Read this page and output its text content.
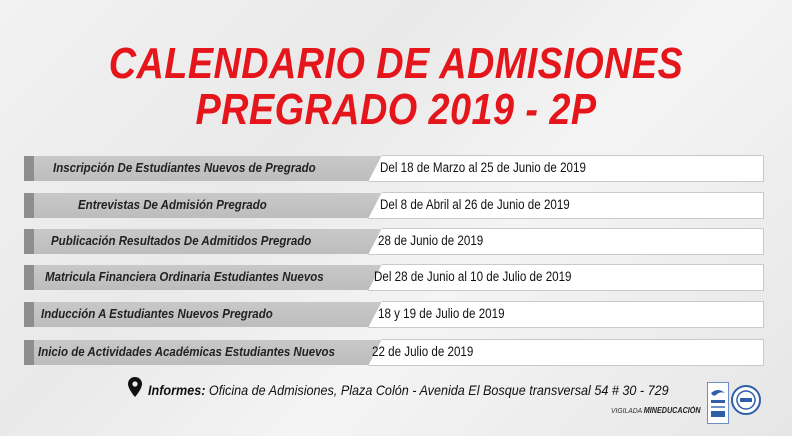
CALENDARIO DE ADMISIONES
PREGRADO 2019 - 2P
Inscripción De Estudiantes Nuevos de Pregrado	Del 18 de Marzo al 25 de Junio de 2019
Entrevistas De Admisión Pregrado	Del 8 de Abril al 26 de Junio de 2019
Publicación Resultados De Admitidos Pregrado	28 de Junio de 2019
Matricula Financiera Ordinaria Estudiantes Nuevos	Del 28 de Junio al 10 de Julio de 2019
Inducción A Estudiantes Nuevos Pregrado	18 y 19 de Julio de 2019
Inicio de Actividades Académicas Estudiantes Nuevos	22 de Julio de 2019
Informes: Oficina de Admisiones, Plaza Colón - Avenida El Bosque transversal 54 # 30 - 729
VIGILADA MINEDUCACIÓN
